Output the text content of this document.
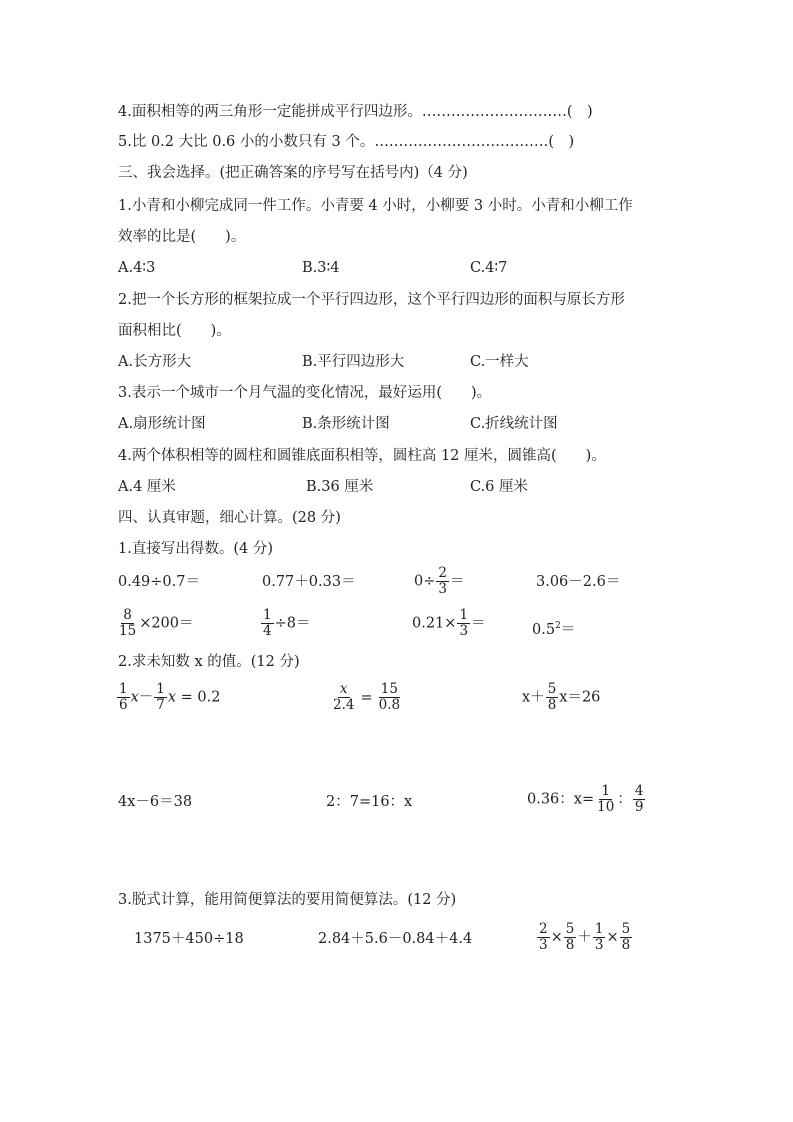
4.面积相等的两三角形一定能拼成平行四边形。…………………………(　)
5.比 0.2 大比 0.6 小的小数只有 3 个。………………………………(　)
三、我会选择。(把正确答案的序号写在括号内)（4 分)
1.小青和小柳完成同一件工作。小青要 4 小时，小柳要 3 小时。小青和小柳工作
效率的比是(　　)。
A.4∶3	B.3∶4	C.4∶7
2.把一个长方形的框架拉成一个平行四边形，这个平行四边形的面积与原长方形
面积相比(　　)。
A.长方形大	B.平行四边形大	C.一样大
3.表示一个城市一个月气温的变化情况，最好运用(　　)。
A.扇形统计图	B.条形统计图	C.折线统计图
4.两个体积相等的圆柱和圆锥底面积相等，圆柱高 12 厘米，圆锥高(　　)。
A.4 厘米	B.36 厘米	C.6 厘米
四、认真审题，细心计算。(28 分)
1.直接写出得数。(4 分)
0.49÷0.7＝	0.77＋0.33＝	$0\div \frac{2}{3}$ ＝	3.06－2.6＝
$\frac{8}{15} \times 200=$	$\frac{1}{4} \div 8=$	$0.21\times \frac{1}{3}$ ＝	$0.5^2=$
2.求未知数 x 的值。(12 分)
$\frac{1}{6} x- \frac{1}{7}$ x = 0.2	$\frac{x}{2.4} = \frac{15}{0.8}$	$x+ \frac{5}{8} x=26$
4x－6＝38	2：7=16：x	0.36：$x= \frac{1}{10}$ ： $\frac{4}{9}$
3.脱式计算，能用简便算法的要用简便算法。(12 分)
1375＋450÷18	2.84＋5.6－0.84＋4.4	$\frac{2}{3} \times \frac{5}{8} + \frac{1}{3} \times \frac{5}{8}$
